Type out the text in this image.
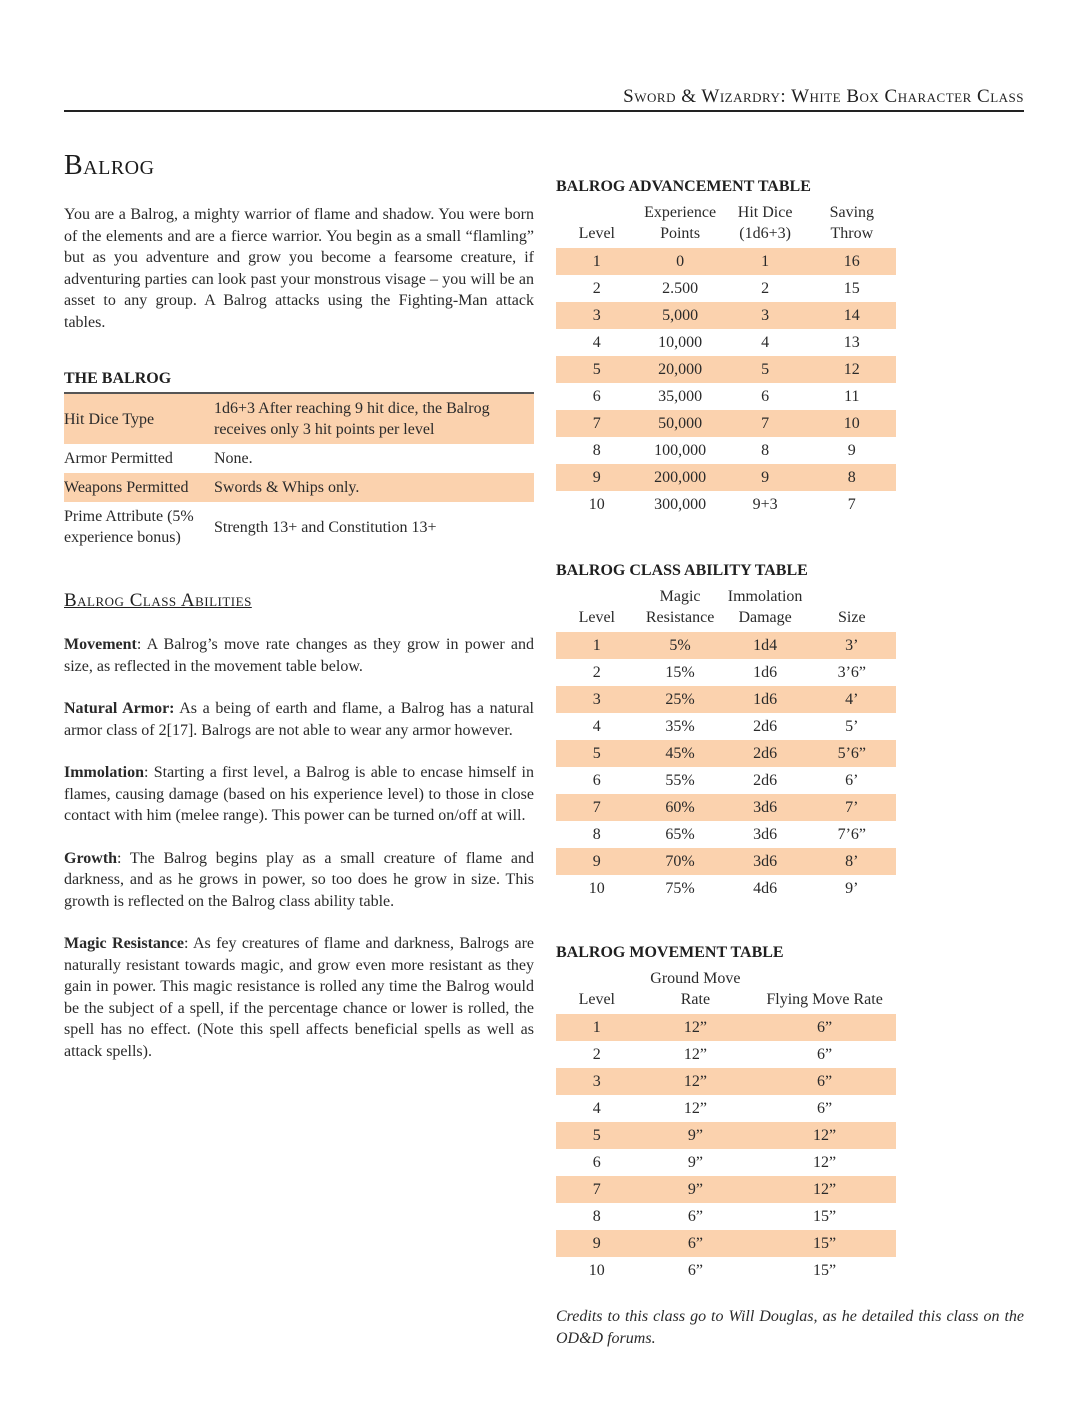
Sword & Wizardry: White Box Character Class
Balrog

You are a Balrog, a mighty warrior of flame and shadow. You were born of the elements and are a fierce warrior. You begin as a small “flamling” but as you adventure and grow you become a fearsome creature, if adventuring parties can look past your monstrous visage – you will be an asset to any group. A Balrog attacks using the Fighting-Man attack tables.

THE BALROG
Hit Dice Type	1d6+3 After reaching 9 hit dice, the Balrog receives only 3 hit points per level
Armor Permitted	None.
Weapons Permitted	Swords & Whips only.
Prime Attribute (5% experience bonus)	Strength 13+ and Constitution 13+
Balrog Class Abilities

Movement: A Balrog’s move rate changes as they grow in power and size, as reflected in the movement table below.

Natural Armor: As a being of earth and flame, a Balrog has a natural armor class of 2[17]. Balrogs are not able to wear any armor however.

Immolation: Starting a first level, a Balrog is able to encase himself in flames, causing damage (based on his experience level) to those in close contact with him (melee range). This power can be turned on/off at will.

Growth: The Balrog begins play as a small creature of flame and darkness, and as he grows in power, so too does he grow in size. This growth is reflected on the Balrog class ability table.

Magic Resistance: As fey creatures of flame and darkness, Balrogs are naturally resistant towards magic, and grow even more resistant as they gain in power. This magic resistance is rolled any time the Balrog would be the subject of a spell, if the percentage chance or lower is rolled, the spell has no effect. (Note this spell affects beneficial spells as well as attack spells).

BALROG ADVANCEMENT TABLE
Level	Experience Points	Hit Dice (1d6+3)	Saving Throw
1	0	1	16
2	2.500	2	15
3	5,000	3	14
4	10,000	4	13
5	20,000	5	12
6	35,000	6	11
7	50,000	7	10
8	100,000	8	9
9	200,000	9	8
10	300,000	9+3	7
BALROG CLASS ABILITY TABLE
Level	Magic Resistance	Immolation Damage	Size
1	5%	1d4	3’
2	15%	1d6	3’6”
3	25%	1d6	4’
4	35%	2d6	5’
5	45%	2d6	5’6”
6	55%	2d6	6’
7	60%	3d6	7’
8	65%	3d6	7’6”
9	70%	3d6	8’
10	75%	4d6	9’
BALROG MOVEMENT TABLE
Level	Ground Move Rate	Flying Move Rate
1	12”	6”
2	12”	6”
3	12”	6”
4	12”	6”
5	9”	12”
6	9”	12”
7	9”	12”
8	6”	15”
9	6”	15”
10	6”	15”
Credits to this class go to Will Douglas, as he detailed this class on the OD&D forums.
